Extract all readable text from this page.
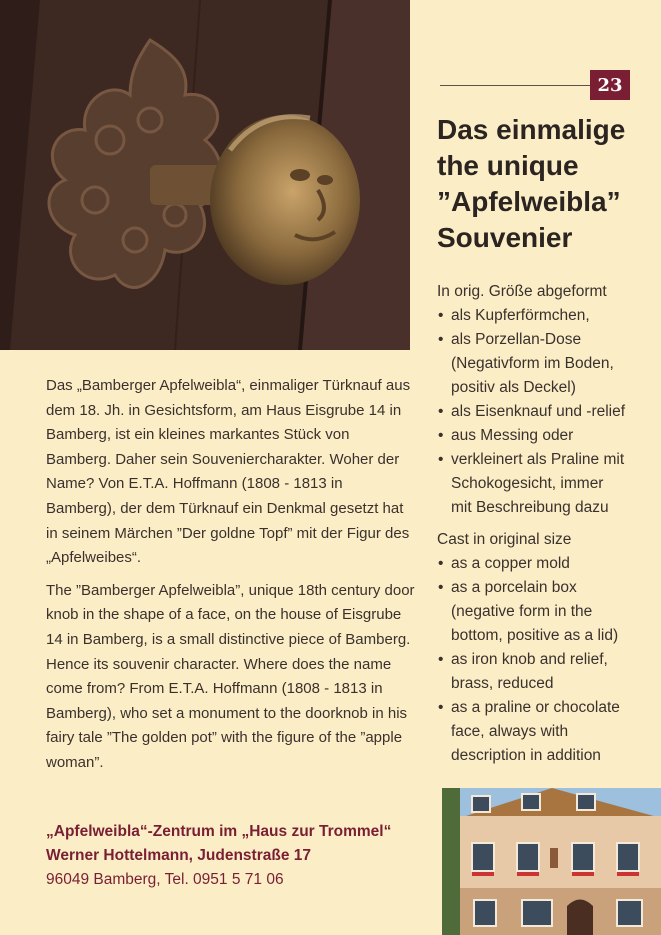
23
Das einmalige
the unique
”Apfelweibla”
Souvenier

In orig. Größe abgeformt

• als Kupferförmchen,
• als Porzellan-Dose
(Negativform im Boden,
positiv als Deckel)
• als Eisenknauf und -relief
• aus Messing oder
• verkleinert als Praline mit
Schokogesicht, immer
mit Beschreibung dazu

Cast in original size

• as a copper mold
• as a porcelain box
(negative form in the
bottom, positive as a lid)
• as iron knob and relief,
brass, reduced
• as a praline or chocolate
face, always with
description in addition

Das „Bamberger Apfelweibla“, einmaliger Türknauf aus dem 18. Jh. in Gesichtsform, am Haus Eisgrube 14 in Bamberg, ist ein kleines markantes Stück von Bamberg. Daher sein Souveniercharakter. Woher der Name? Von E.T.A. Hoffmann (1808 - 1813 in Bamberg), der dem Türknauf ein Denkmal gesetzt hat in seinem Märchen ”Der goldne Topf” mit der Figur des „Apfelweibes“.

The ”Bamberger Apfelweibla”, unique 18th century door knob in the shape of a face, on the house of Eisgrube 14 in Bamberg, is a small distinctive piece of Bamberg. Hence its souvenir character. Where does the name come from? From E.T.A. Hoffmann (1808 - 1813 in Bamberg), who set a monument to the doorknob in his fairy tale ”The golden pot” with the figure of the ”apple woman”.

„Apfelweibla“-Zentrum im „Haus zur Trommel“
Werner Hottelmann, Judenstraße 17
96049 Bamberg, Tel. 0951 5 71 06
